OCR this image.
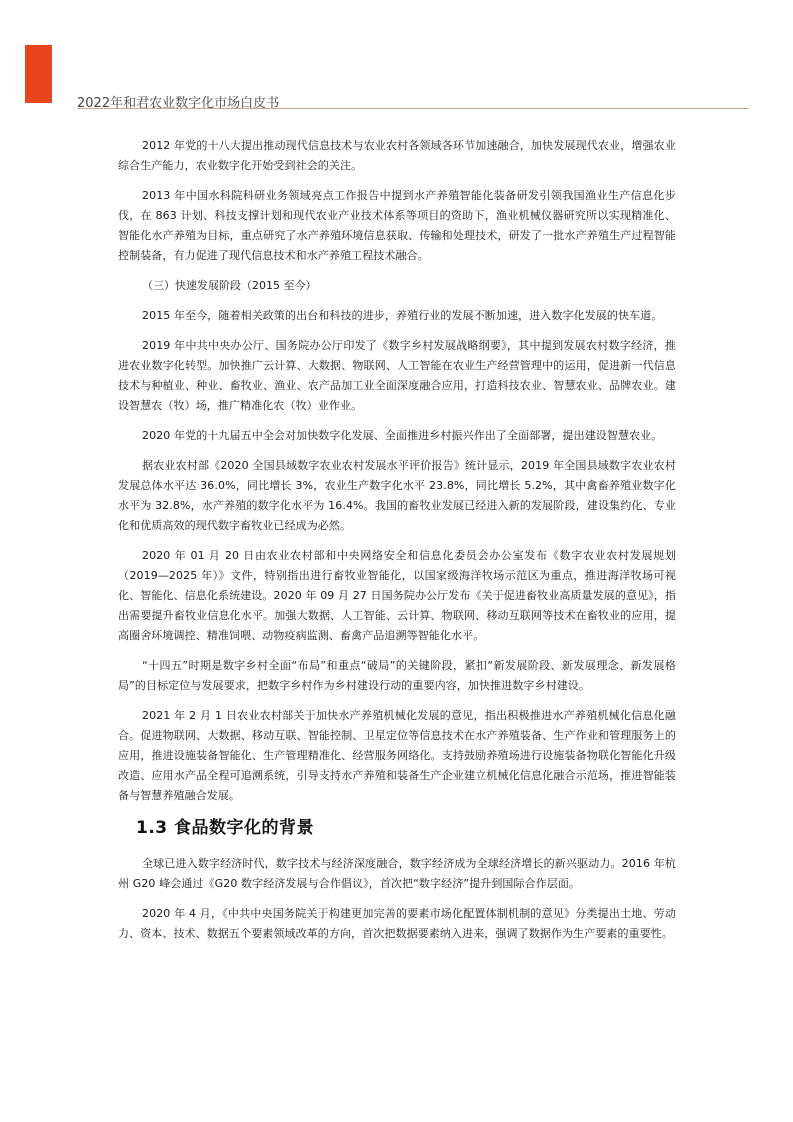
2022年和君农业数字化市场白皮书

2012 年党的十八大提出推动现代信息技术与农业农村各领域各环节加速融合，加快发展现代农业，增强农业综合生产能力，农业数字化开始受到社会的关注。

2013 年中国水科院科研业务领域亮点工作报告中提到水产养殖智能化装备研发引领我国渔业生产信息化步伐，在 863 计划、科技支撑计划和现代农业产业技术体系等项目的资助下，渔业机械仪器研究所以实现精准化、智能化水产养殖为目标，重点研究了水产养殖环境信息获取、传输和处理技术，研发了一批水产养殖生产过程智能控制装备，有力促进了现代信息技术和水产养殖工程技术融合。

（三）快速发展阶段（2015 至今）

2015 年至今，随着相关政策的出台和科技的进步，养殖行业的发展不断加速，进入数字化发展的快车道。

2019 年中共中央办公厅、国务院办公厅印发了《数字乡村发展战略纲要》，其中提到发展农村数字经济，推进农业数字化转型。加快推广云计算、大数据、物联网、人工智能在农业生产经营管理中的运用，促进新一代信息技术与种植业、种业、畜牧业、渔业、农产品加工业全面深度融合应用，打造科技农业、智慧农业、品牌农业。建设智慧农（牧）场，推广精准化农（牧）业作业。

2020 年党的十九届五中全会对加快数字化发展、全面推进乡村振兴作出了全面部署，提出建设智慧农业。

据农业农村部《2020 全国县域数字农业农村发展水平评价报告》统计显示，2019 年全国县域数字农业农村发展总体水平达 36.0%，同比增长 3%，农业生产数字化水平 23.8%，同比增长 5.2%，其中禽畜养殖业数字化水平为 32.8%，水产养殖的数字化水平为 16.4%。我国的畜牧业发展已经进入新的发展阶段，建设集约化、专业化和优质高效的现代数字畜牧业已经成为必然。

2020 年 01 月 20 日由农业农村部和中央网络安全和信息化委员会办公室发布《数字农业农村发展规划（2019—2025 年）》文件，特别指出进行畜牧业智能化，以国家级海洋牧场示范区为重点，推进海洋牧场可视化、智能化、信息化系统建设。2020 年 09 月 27 日国务院办公厅发布《关于促进畜牧业高质量发展的意见》，指出需要提升畜牧业信息化水平。加强大数据、人工智能、云计算、物联网、移动互联网等技术在畜牧业的应用，提高圈舍环境调控、精准饲喂、动物疫病监测、畜禽产品追溯等智能化水平。

“十四五”时期是数字乡村全面“布局”和重点“破局”的关键阶段，紧扣“新发展阶段、新发展理念、新发展格局”的目标定位与发展要求，把数字乡村作为乡村建设行动的重要内容，加快推进数字乡村建设。

2021 年 2 月 1 日农业农村部关于加快水产养殖机械化发展的意见，指出积极推进水产养殖机械化信息化融合。促进物联网、大数据、移动互联、智能控制、卫星定位等信息技术在水产养殖装备、生产作业和管理服务上的应用，推进设施装备智能化、生产管理精准化、经营服务网络化。支持鼓励养殖场进行设施装备物联化智能化升级改造、应用水产品全程可追溯系统，引导支持水产养殖和装备生产企业建立机械化信息化融合示范场，推进智能装备与智慧养殖融合发展。

1.3 食品数字化的背景

全球已进入数字经济时代，数字技术与经济深度融合，数字经济成为全球经济增长的新兴驱动力。2016 年杭州 G20 峰会通过《G20 数字经济发展与合作倡议》，首次把“数字经济”提升到国际合作层面。

2020 年 4 月，《中共中央国务院关于构建更加完善的要素市场化配置体制机制的意见》分类提出土地、劳动力、资本、技术、数据五个要素领域改革的方向，首次把数据要素纳入进来，强调了数据作为生产要素的重要性。
